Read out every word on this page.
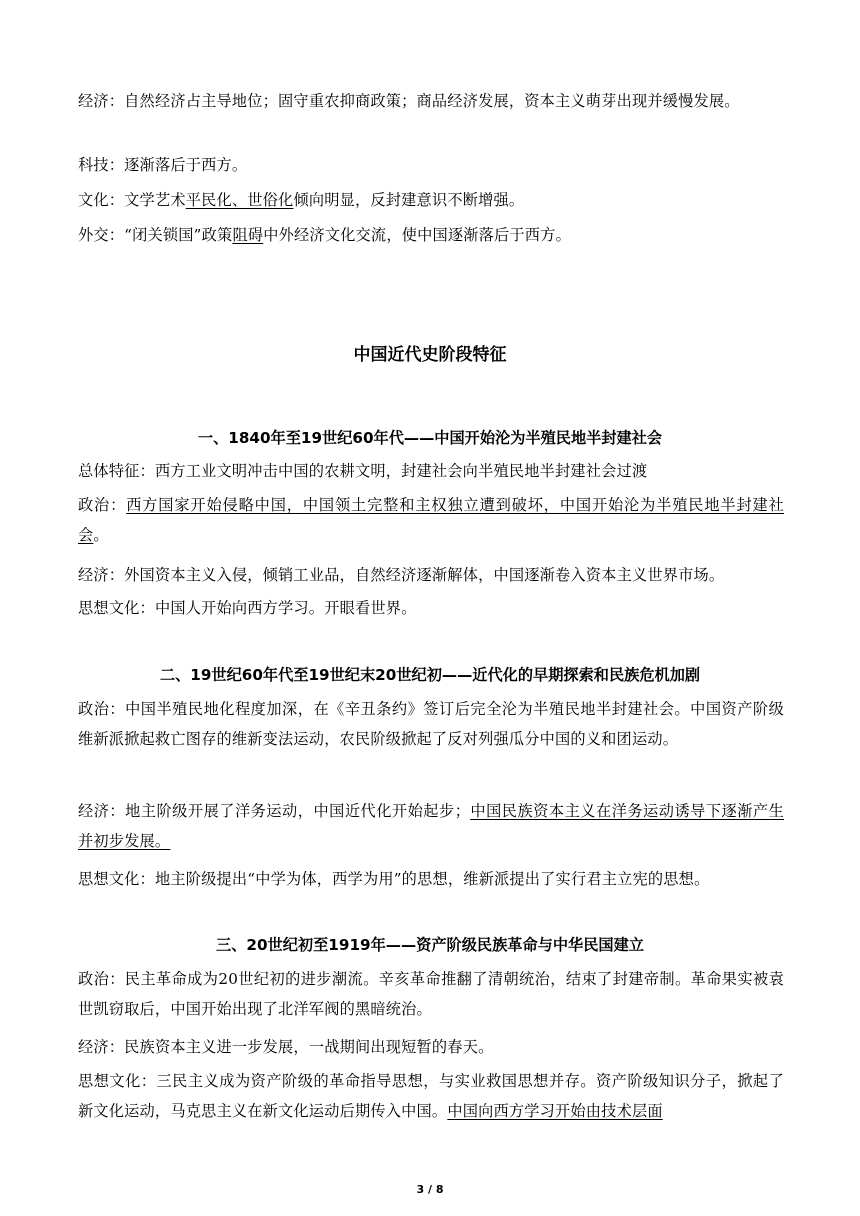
经济：自然经济占主导地位；固守重农抑商政策；商品经济发展，资本主义萌芽出现并缓慢发展。

科技：逐渐落后于西方。

文化：文学艺术平民化、世俗化倾向明显，反封建意识不断增强。

外交：“闭关锁国”政策阻碍中外经济文化交流，使中国逐渐落后于西方。

中国近代史阶段特征
一、1840年至19世纪60年代——中国开始沦为半殖民地半封建社会

总体特征：西方工业文明冲击中国的农耕文明，封建社会向半殖民地半封建社会过渡

政治：西方国家开始侵略中国，中国领土完整和主权独立遭到破坏，中国开始沦为半殖民地半封建社会。

经济：外国资本主义入侵，倾销工业品，自然经济逐渐解体，中国逐渐卷入资本主义世界市场。

思想文化：中国人开始向西方学习。开眼看世界。

二、19世纪60年代至19世纪末20世纪初——近代化的早期探索和民族危机加剧

政治：中国半殖民地化程度加深，在《辛丑条约》签订后完全沦为半殖民地半封建社会。中国资产阶级维新派掀起救亡图存的维新变法运动，农民阶级掀起了反对列强瓜分中国的义和团运动。

经济：地主阶级开展了洋务运动，中国近代化开始起步；中国民族资本主义在洋务运动诱导下逐渐产生并初步发展。

思想文化：地主阶级提出“中学为体，西学为用”的思想，维新派提出了实行君主立宪的思想。

三、20世纪初至1919年——资产阶级民族革命与中华民国建立

政治：民主革命成为20世纪初的进步潮流。辛亥革命推翻了清朝统治，结束了封建帝制。革命果实被袁世凯窃取后，中国开始出现了北洋军阀的黑暗统治。

经济：民族资本主义进一步发展，一战期间出现短暂的春天。

思想文化：三民主义成为资产阶级的革命指导思想，与实业救国思想并存。资产阶级知识分子，掀起了新文化运动，马克思主义在新文化运动后期传入中国。中国向西方学习开始由技术层面

3 / 8
